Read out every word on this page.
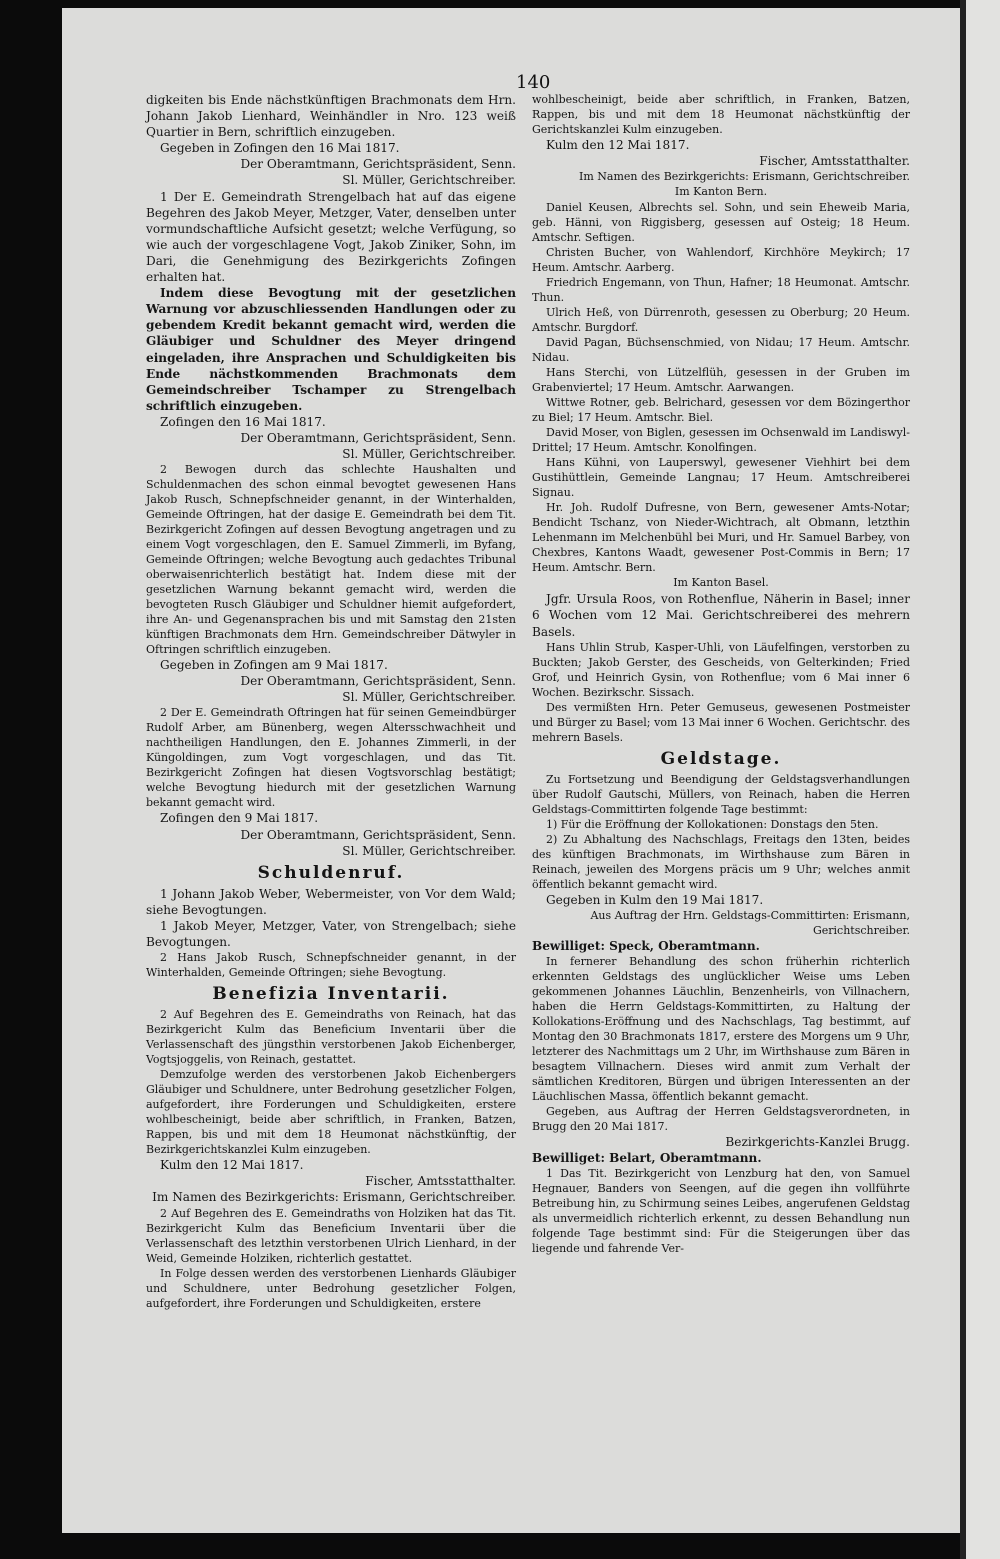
140

digkeiten bis Ende nächstkünftigen Brachmonats dem Hrn. Johann Jakob Lienhard, Weinhändler in Nro. 123 weiß Quartier in Bern, schriftlich einzugeben.

Gegeben in Zofingen den 16 Mai 1817.

Der Oberamtmann, Gerichtspräsident, Senn.

Sl. Müller, Gerichtschreiber.

1 Der E. Gemeindrath Strengelbach hat auf das eigene Begehren des Jakob Meyer, Metzger, Vater, denselben unter vormundschaftliche Aufsicht gesetzt; welche Verfügung, so wie auch der vorgeschlagene Vogt, Jakob Ziniker, Sohn, im Dari, die Genehmigung des Bezirkgerichts Zofingen erhalten hat.

Indem diese Bevogtung mit der gesetzlichen Warnung vor abzuschliessenden Handlungen oder zu gebendem Kredit bekannt gemacht wird, werden die Gläubiger und Schuldner des Meyer dringend eingeladen, ihre Ansprachen und Schuldigkeiten bis Ende nächstkommenden Brachmonats dem Gemeindschreiber Tschamper zu Strengelbach schriftlich einzugeben.

Zofingen den 16 Mai 1817.

Der Oberamtmann, Gerichtspräsident, Senn.

Sl. Müller, Gerichtschreiber.

2 Bewogen durch das schlechte Haushalten und Schuldenmachen des schon einmal bevogtet gewesenen Hans Jakob Rusch, Schnepfschneider genannt, in der Winterhalden, Gemeinde Oftringen, hat der dasige E. Gemeindrath bei dem Tit. Bezirkgericht Zofingen auf dessen Bevogtung angetragen und zu einem Vogt vorgeschlagen, den E. Samuel Zimmerli, im Byfang, Gemeinde Oftringen; welche Bevogtung auch gedachtes Tribunal oberwaisenrichterlich bestätigt hat. Indem diese mit der gesetzlichen Warnung bekannt gemacht wird, werden die bevogteten Rusch Gläubiger und Schuldner hiemit aufgefordert, ihre An- und Gegenansprachen bis und mit Samstag den 21sten künftigen Brachmonats dem Hrn. Gemeindschreiber Dätwyler in Oftringen schriftlich einzugeben.

Gegeben in Zofingen am 9 Mai 1817.

Der Oberamtmann, Gerichtspräsident, Senn.

Sl. Müller, Gerichtschreiber.

2 Der E. Gemeindrath Oftringen hat für seinen Gemeindbürger Rudolf Arber, am Bünenberg, wegen Altersschwachheit und nachtheiligen Handlungen, den E. Johannes Zimmerli, in der Küngoldingen, zum Vogt vorgeschlagen, und das Tit. Bezirkgericht Zofingen hat diesen Vogtsvorschlag bestätigt; welche Bevogtung hiedurch mit der gesetzlichen Warnung bekannt gemacht wird.

Zofingen den 9 Mai 1817.

Der Oberamtmann, Gerichtspräsident, Senn.

Sl. Müller, Gerichtschreiber.

Schuldenruf.

1 Johann Jakob Weber, Webermeister, von Vor dem Wald; siehe Bevogtungen.

1 Jakob Meyer, Metzger, Vater, von Strengelbach; siehe Bevogtungen.

2 Hans Jakob Rusch, Schnepfschneider genannt, in der Winterhalden, Gemeinde Oftringen; siehe Bevogtung.

Benefizia Inventarii.

2 Auf Begehren des E. Gemeindraths von Reinach, hat das Bezirkgericht Kulm das Beneficium Inventarii über die Verlassenschaft des jüngsthin verstorbenen Jakob Eichenberger, Vogtsjoggelis, von Reinach, gestattet.

Demzufolge werden des verstorbenen Jakob Eichenbergers Gläubiger und Schuldnere, unter Bedrohung gesetzlicher Folgen, aufgefordert, ihre Forderungen und Schuldigkeiten, erstere wohlbescheinigt, beide aber schriftlich, in Franken, Batzen, Rappen, bis und mit dem 18 Heumonat nächstkünftig, der Bezirkgerichtskanzlei Kulm einzugeben.

Kulm den 12 Mai 1817.

Fischer, Amtsstatthalter.

Im Namen des Bezirkgerichts: Erismann, Gerichtschreiber.

2 Auf Begehren des E. Gemeindraths von Holziken hat das Tit. Bezirkgericht Kulm das Beneficium Inventarii über die Verlassenschaft des letzthin verstorbenen Ulrich Lienhard, in der Weid, Gemeinde Holziken, richterlich gestattet.

In Folge dessen werden des verstorbenen Lienhards Gläubiger und Schuldnere, unter Bedrohung gesetzlicher Folgen, aufgefordert, ihre Forderungen und Schuldigkeiten, erstere

wohlbescheinigt, beide aber schriftlich, in Franken, Batzen, Rappen, bis und mit dem 18 Heumonat nächstkünftig der Gerichtskanzlei Kulm einzugeben.

Kulm den 12 Mai 1817.

Fischer, Amtsstatthalter.

Im Namen des Bezirkgerichts: Erismann, Gerichtschreiber.

Im Kanton Bern.

Daniel Keusen, Albrechts sel. Sohn, und sein Eheweib Maria, geb. Hänni, von Riggisberg, gesessen auf Osteig; 18 Heum. Amtschr. Seftigen.

Christen Bucher, von Wahlendorf, Kirchhöre Meykirch; 17 Heum. Amtschr. Aarberg.

Friedrich Engemann, von Thun, Hafner; 18 Heumonat. Amtschr. Thun.

Ulrich Heß, von Dürrenroth, gesessen zu Oberburg; 20 Heum. Amtschr. Burgdorf.

David Pagan, Büchsenschmied, von Nidau; 17 Heum. Amtschr. Nidau.

Hans Sterchi, von Lützelflüh, gesessen in der Gruben im Grabenviertel; 17 Heum. Amtschr. Aarwangen.

Wittwe Rotner, geb. Belrichard, gesessen vor dem Bözingerthor zu Biel; 17 Heum. Amtschr. Biel.

David Moser, von Biglen, gesessen im Ochsenwald im Landiswyl-Drittel; 17 Heum. Amtschr. Konolfingen.

Hans Kühni, von Lauperswyl, gewesener Viehhirt bei dem Gustihüttlein, Gemeinde Langnau; 17 Heum. Amtschreiberei Signau.

Hr. Joh. Rudolf Dufresne, von Bern, gewesener Amts-Notar; Bendicht Tschanz, von Nieder-Wichtrach, alt Obmann, letzthin Lehenmann im Melchenbühl bei Muri, und Hr. Samuel Barbey, von Chexbres, Kantons Waadt, gewesener Post-Commis in Bern; 17 Heum. Amtschr. Bern.

Im Kanton Basel.

Jgfr. Ursula Roos, von Rothenflue, Näherin in Basel; inner 6 Wochen vom 12 Mai. Gerichtschreiberei des mehrern Basels.

Hans Uhlin Strub, Kasper-Uhli, von Läufelfingen, verstorben zu Buckten; Jakob Gerster, des Gescheids, von Gelterkinden; Fried Grof, und Heinrich Gysin, von Rothenflue; vom 6 Mai inner 6 Wochen. Bezirkschr. Sissach.

Des vermißten Hrn. Peter Gemuseus, gewesenen Postmeister und Bürger zu Basel; vom 13 Mai inner 6 Wochen. Gerichtschr. des mehrern Basels.

Geldstage.

Zu Fortsetzung und Beendigung der Geldstagsverhandlungen über Rudolf Gautschi, Müllers, von Reinach, haben die Herren Geldstags-Committirten folgende Tage bestimmt:

1) Für die Eröffnung der Kollokationen: Donstags den 5ten.

2) Zu Abhaltung des Nachschlags, Freitags den 13ten, beides des künftigen Brachmonats, im Wirthshause zum Bären in Reinach, jeweilen des Morgens präcis um 9 Uhr; welches anmit öffentlich bekannt gemacht wird.

Gegeben in Kulm den 19 Mai 1817.

Aus Auftrag der Hrn. Geldstags-Committirten: Erismann, Gerichtschreiber.

Bewilliget: Speck, Oberamtmann.

In fernerer Behandlung des schon früherhin richterlich erkennten Geldstags des unglücklicher Weise ums Leben gekommenen Johannes Läuchlin, Benzenheirls, von Villnachern, haben die Herrn Geldstags-Kommittirten, zu Haltung der Kollokations-Eröffnung und des Nachschlags, Tag bestimmt, auf Montag den 30 Brachmonats 1817, erstere des Morgens um 9 Uhr, letzterer des Nachmittags um 2 Uhr, im Wirthshause zum Bären in besagtem Villnachern. Dieses wird anmit zum Verhalt der sämtlichen Kreditoren, Bürgen und übrigen Interessenten an der Läuchlischen Massa, öffentlich bekannt gemacht.

Gegeben, aus Auftrag der Herren Geldstagsverordneten, in Brugg den 20 Mai 1817.

Bezirkgerichts-Kanzlei Brugg.

Bewilliget: Belart, Oberamtmann.

1 Das Tit. Bezirkgericht von Lenzburg hat den, von Samuel Hegnauer, Banders von Seengen, auf die gegen ihn vollführte Betreibung hin, zu Schirmung seines Leibes, angerufenen Geldstag als unvermeidlich richterlich erkennt, zu dessen Behandlung nun folgende Tage bestimmt sind: Für die Steigerungen über das liegende und fahrende Ver-
